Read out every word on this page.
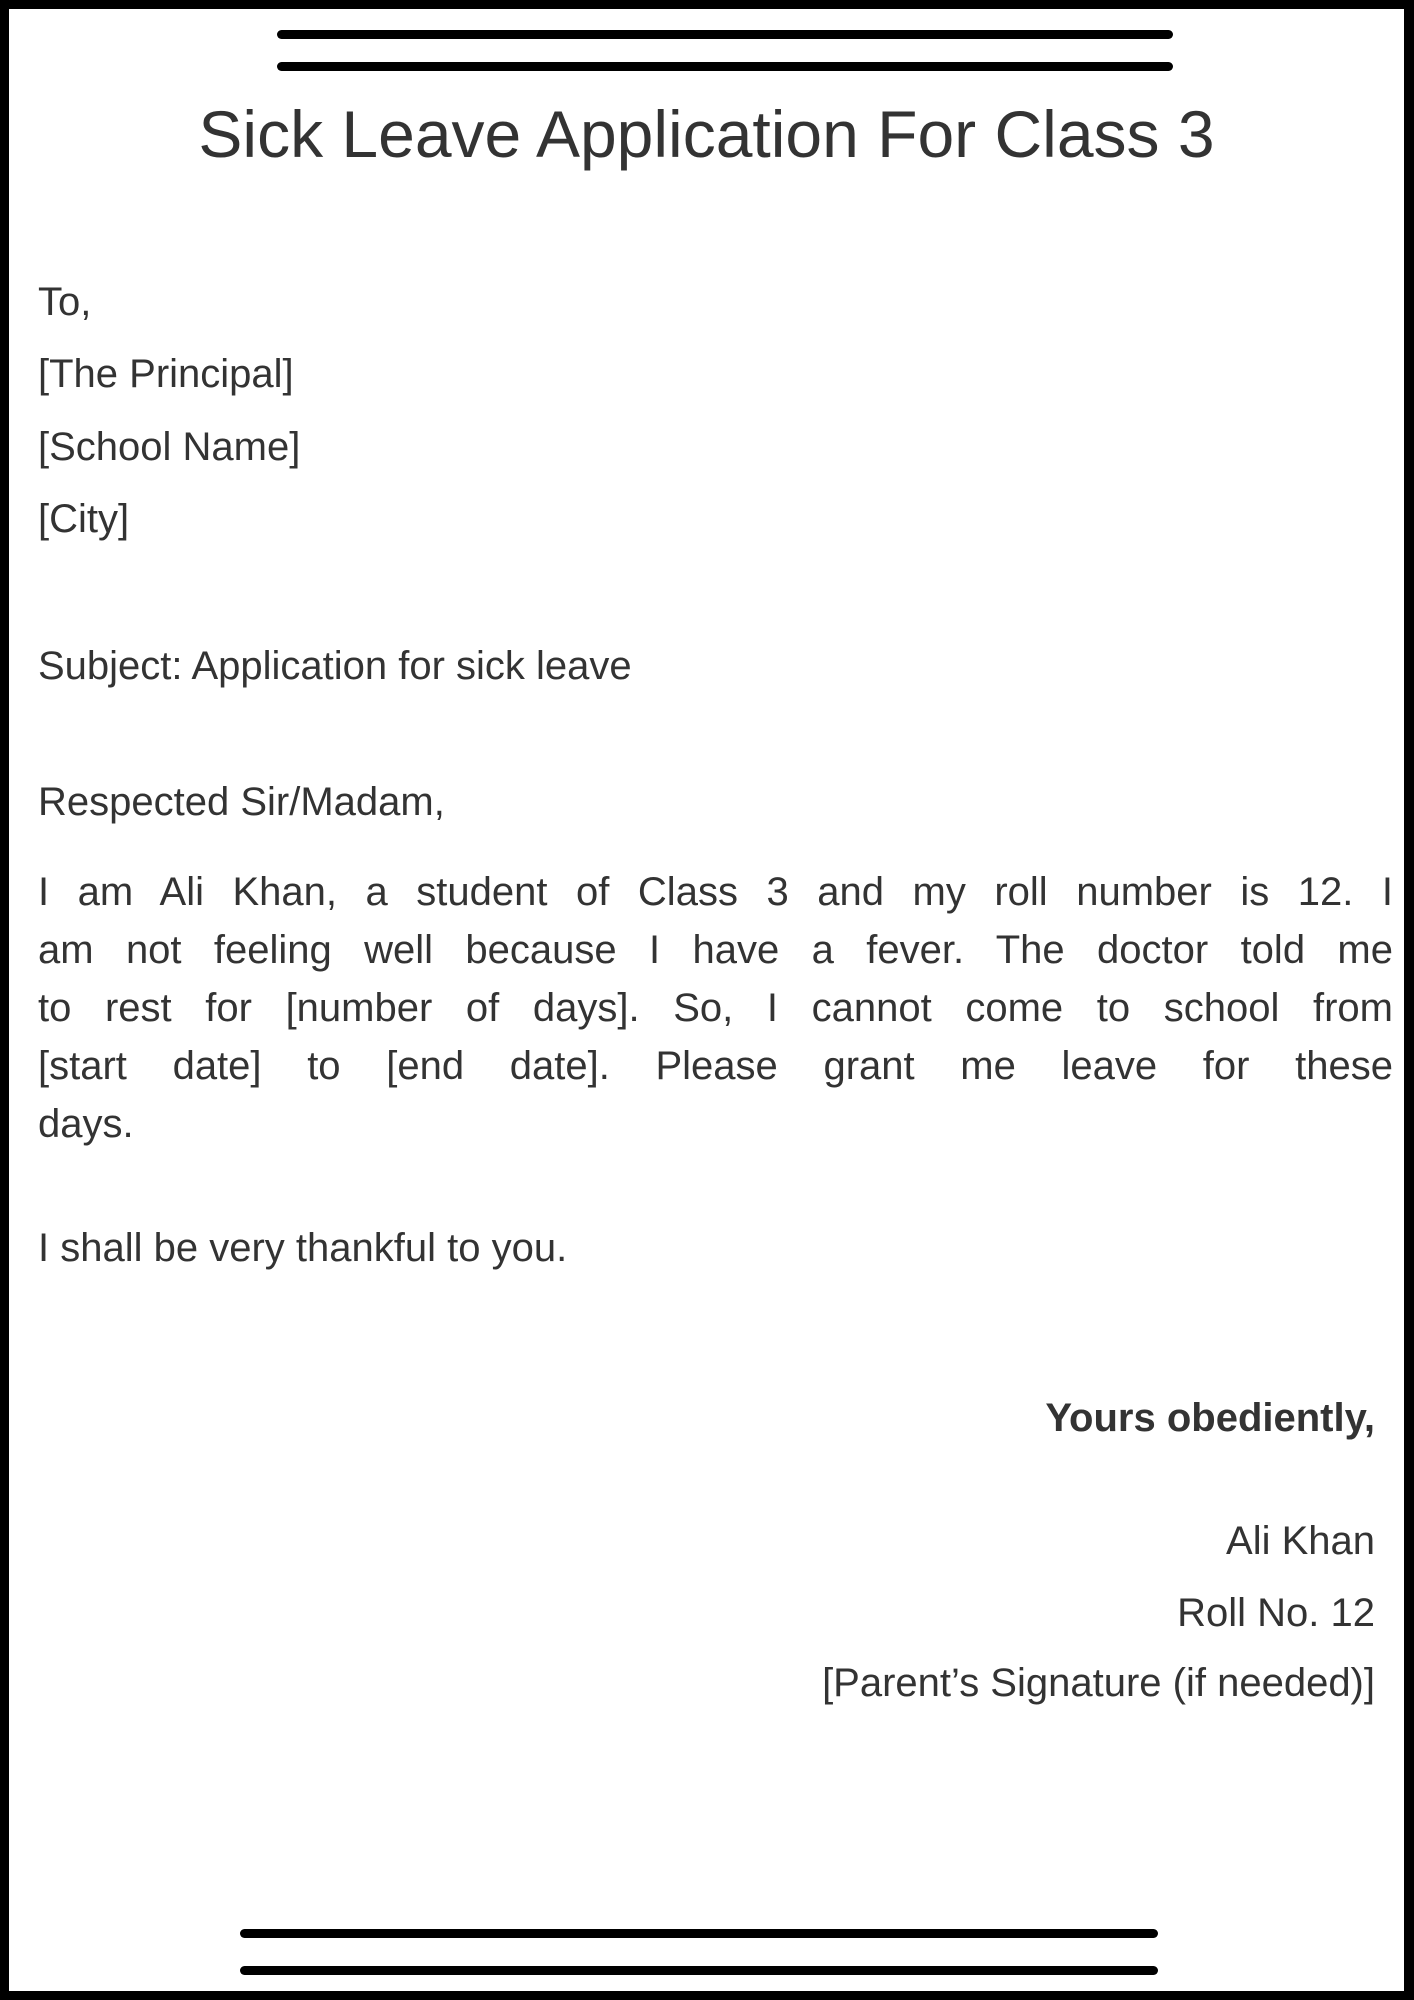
Sick Leave Application For Class 3
To,
[The Principal]
[School Name]
[City]
Subject: Application for sick leave
Respected Sir/Madam,
I am Ali Khan, a student of Class 3 and my roll number is 12. I
am not feeling well because I have a fever. The doctor told me
to rest for [number of days]. So, I cannot come to school from
[start date] to [end date]. Please grant me leave for these
days.
I shall be very thankful to you.
Yours obediently,
Ali Khan
Roll No. 12
[Parent’s Signature (if needed)]
